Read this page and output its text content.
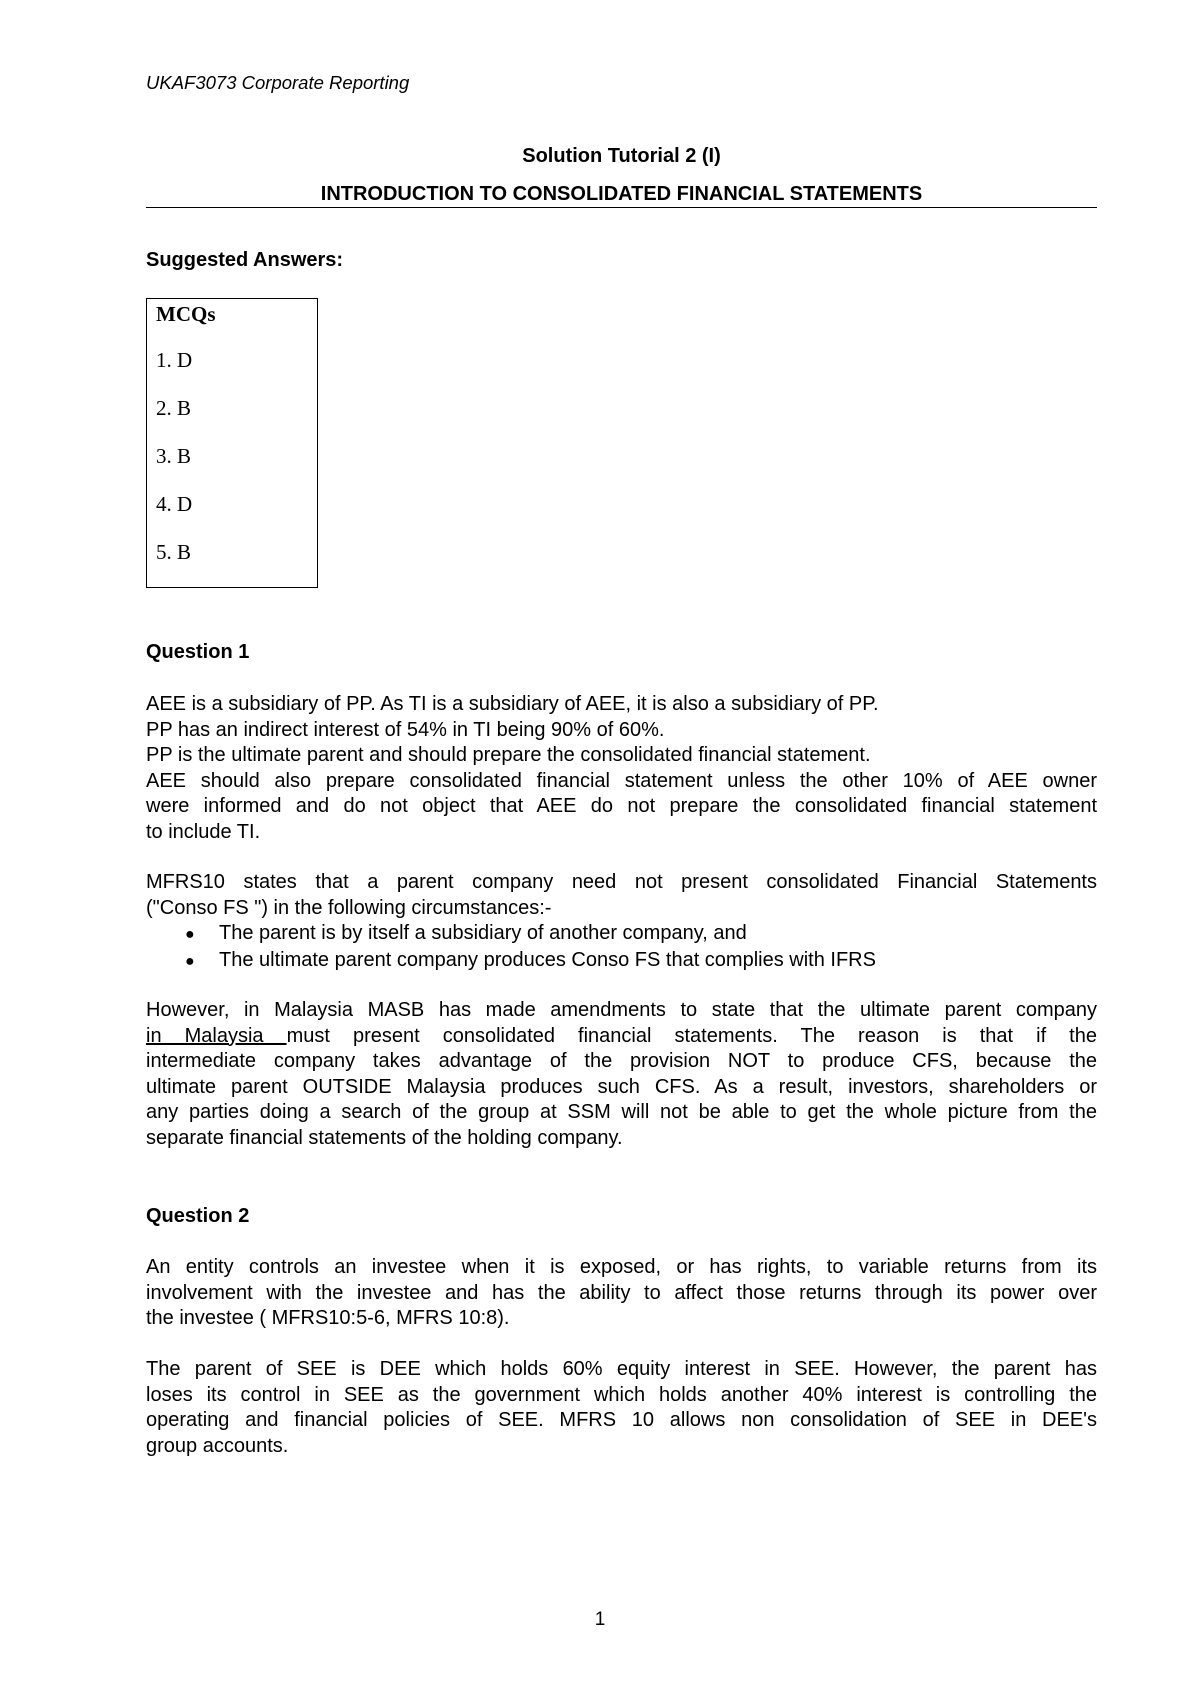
UKAF3073 Corporate Reporting
Solution Tutorial 2 (I)
INTRODUCTION TO CONSOLIDATED FINANCIAL STATEMENTS
Suggested Answers:
MCQs
1. D
2. B
3. B
4. D
5. B
Question 1
AEE is a subsidiary of PP. As TI is a subsidiary of AEE, it is also a subsidiary of PP.
PP has an indirect interest of 54% in TI being 90% of 60%.
PP is the ultimate parent and should prepare the consolidated financial statement.
AEE should also prepare consolidated financial statement unless the other 10% of AEE owner
were informed and do not object that AEE do not prepare the consolidated financial statement
to include TI.
MFRS10 states that a parent company need not present consolidated Financial Statements
("Conso FS ") in the following circumstances:-
● The parent is by itself a subsidiary of another company, and
● The ultimate parent company produces Conso FS that complies with IFRS
However, in Malaysia MASB has made amendments to state that the ultimate parent company
in Malaysia must present consolidated financial statements. The reason is that if the
intermediate company takes advantage of the provision NOT to produce CFS, because the
ultimate parent OUTSIDE Malaysia produces such CFS. As a result, investors, shareholders or
any parties doing a search of the group at SSM will not be able to get the whole picture from the
separate financial statements of the holding company.
Question 2
An entity controls an investee when it is exposed, or has rights, to variable returns from its
involvement with the investee and has the ability to affect those returns through its power over
the investee ( MFRS10:5-6, MFRS 10:8).
The parent of SEE is DEE which holds 60% equity interest in SEE. However, the parent has
loses its control in SEE as the government which holds another 40% interest is controlling the
operating and financial policies of SEE. MFRS 10 allows non consolidation of SEE in DEE's
group accounts.
1
